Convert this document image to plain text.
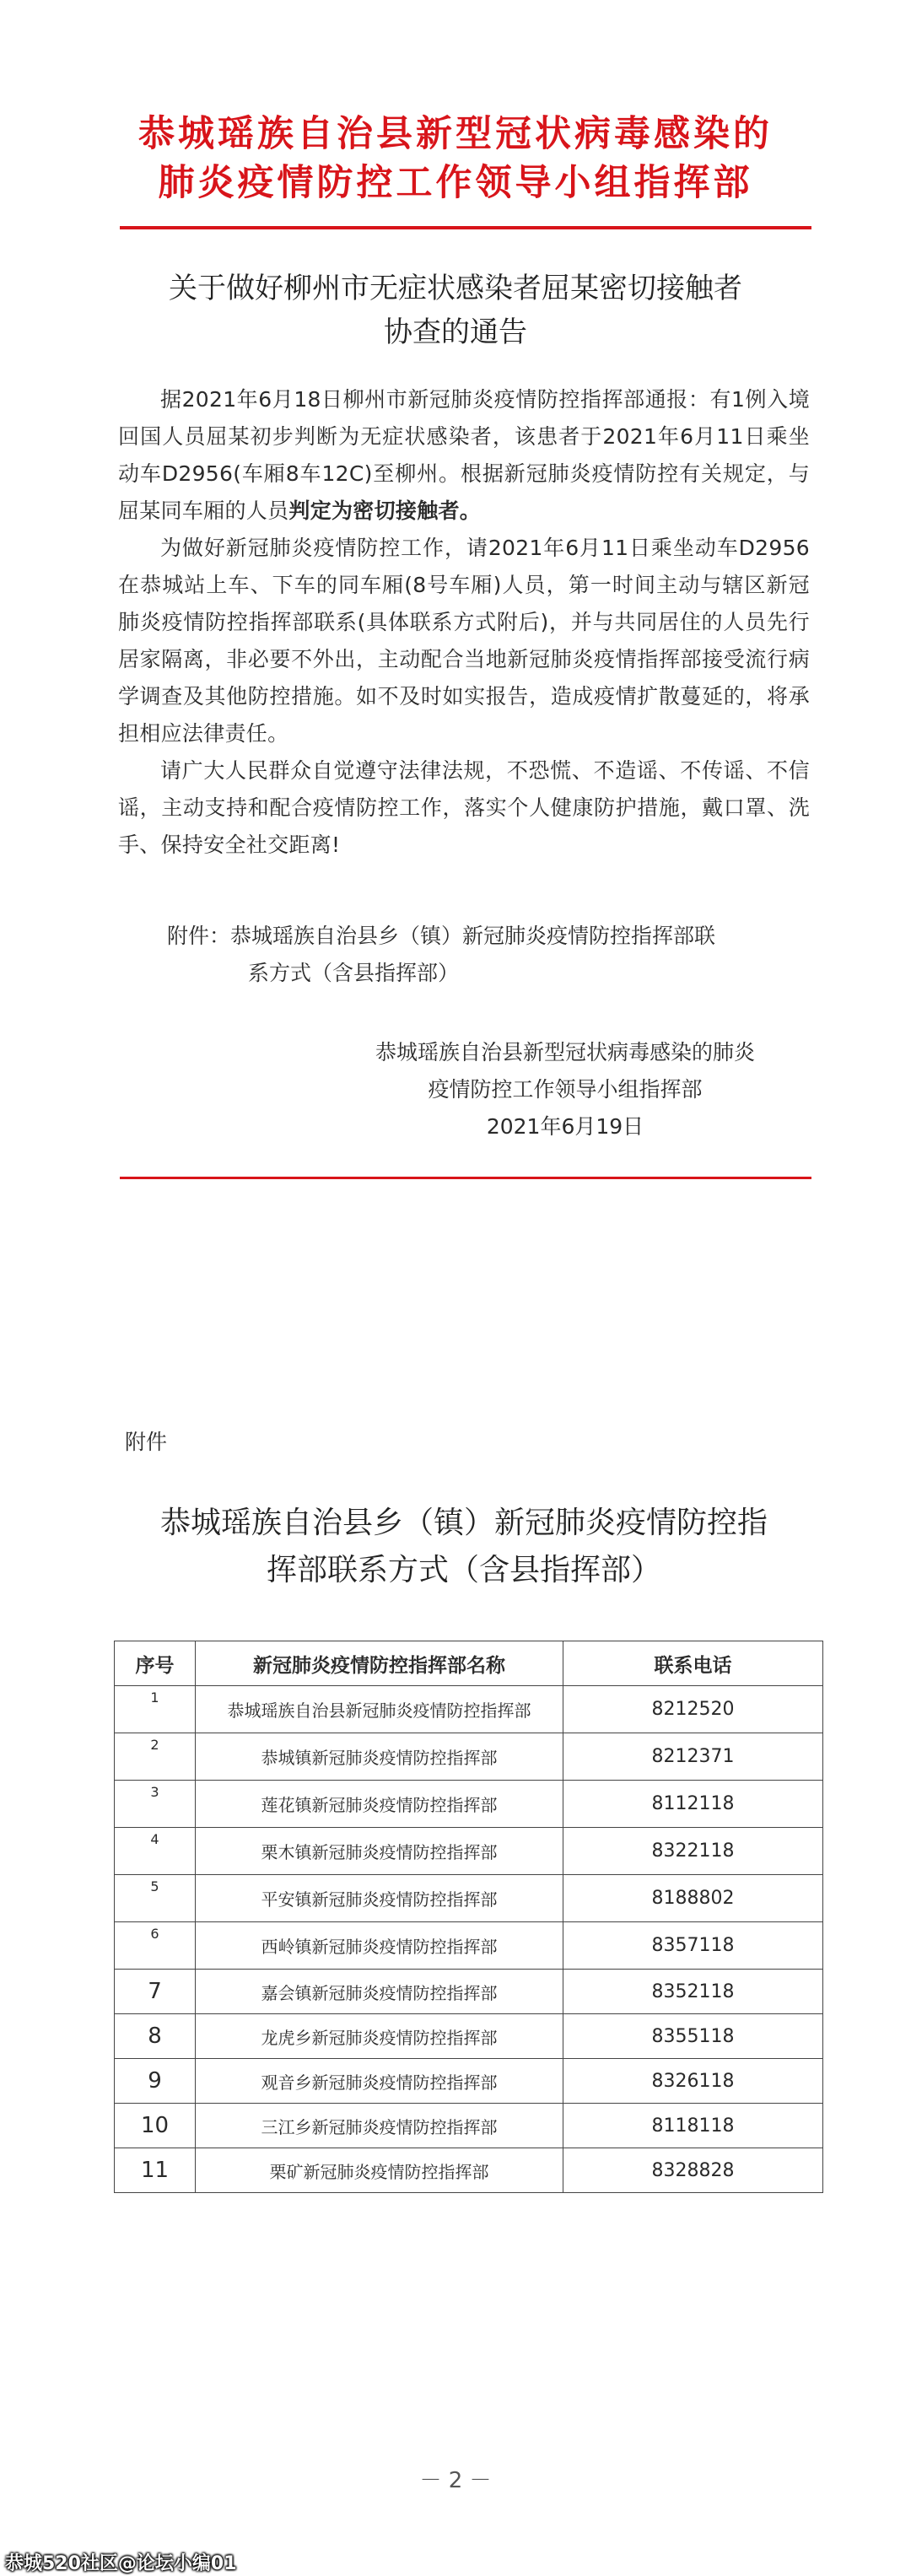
恭城瑶族自治县新型冠状病毒感染的
肺炎疫情防控工作领导小组指挥部
关于做好柳州市无症状感染者屈某密切接触者
协查的通告

据2021年6月18日柳州市新冠肺炎疫情防控指挥部通报：有1例入境回国人员屈某初步判断为无症状感染者，该患者于2021年6月11日乘坐动车D2956(车厢8车12C)至柳州。根据新冠肺炎疫情防控有关规定，与屈某同车厢的人员判定为密切接触者。

为做好新冠肺炎疫情防控工作，请2021年6月11日乘坐动车D2956在恭城站上车、下车的同车厢(8号车厢)人员，第一时间主动与辖区新冠肺炎疫情防控指挥部联系(具体联系方式附后)，并与共同居住的人员先行居家隔离，非必要不外出，主动配合当地新冠肺炎疫情指挥部接受流行病学调查及其他防控措施。如不及时如实报告，造成疫情扩散蔓延的，将承担相应法律责任。

请广大人民群众自觉遵守法律法规，不恐慌、不造谣、不传谣、不信谣，主动支持和配合疫情防控工作，落实个人健康防护措施，戴口罩、洗手、保持安全社交距离!

附件：恭城瑶族自治县乡（镇）新冠肺炎疫情防控指挥部联
系方式（含县指挥部）
恭城瑶族自治县新型冠状病毒感染的肺炎
疫情防控工作领导小组指挥部
2021年6月19日
附件
恭城瑶族自治县乡（镇）新冠肺炎疫情防控指
挥部联系方式（含县指挥部）
序号	新冠肺炎疫情防控指挥部名称	联系电话
1	恭城瑶族自治县新冠肺炎疫情防控指挥部	8212520
2	恭城镇新冠肺炎疫情防控指挥部	8212371
3	莲花镇新冠肺炎疫情防控指挥部	8112118
4	栗木镇新冠肺炎疫情防控指挥部	8322118
5	平安镇新冠肺炎疫情防控指挥部	8188802
6	西岭镇新冠肺炎疫情防控指挥部	8357118
7	嘉会镇新冠肺炎疫情防控指挥部	8352118
8	龙虎乡新冠肺炎疫情防控指挥部	8355118
9	观音乡新冠肺炎疫情防控指挥部	8326118
10	三江乡新冠肺炎疫情防控指挥部	8118118
11	栗矿新冠肺炎疫情防控指挥部	8328828
－ 2 －
恭城520社区@论坛小编01
